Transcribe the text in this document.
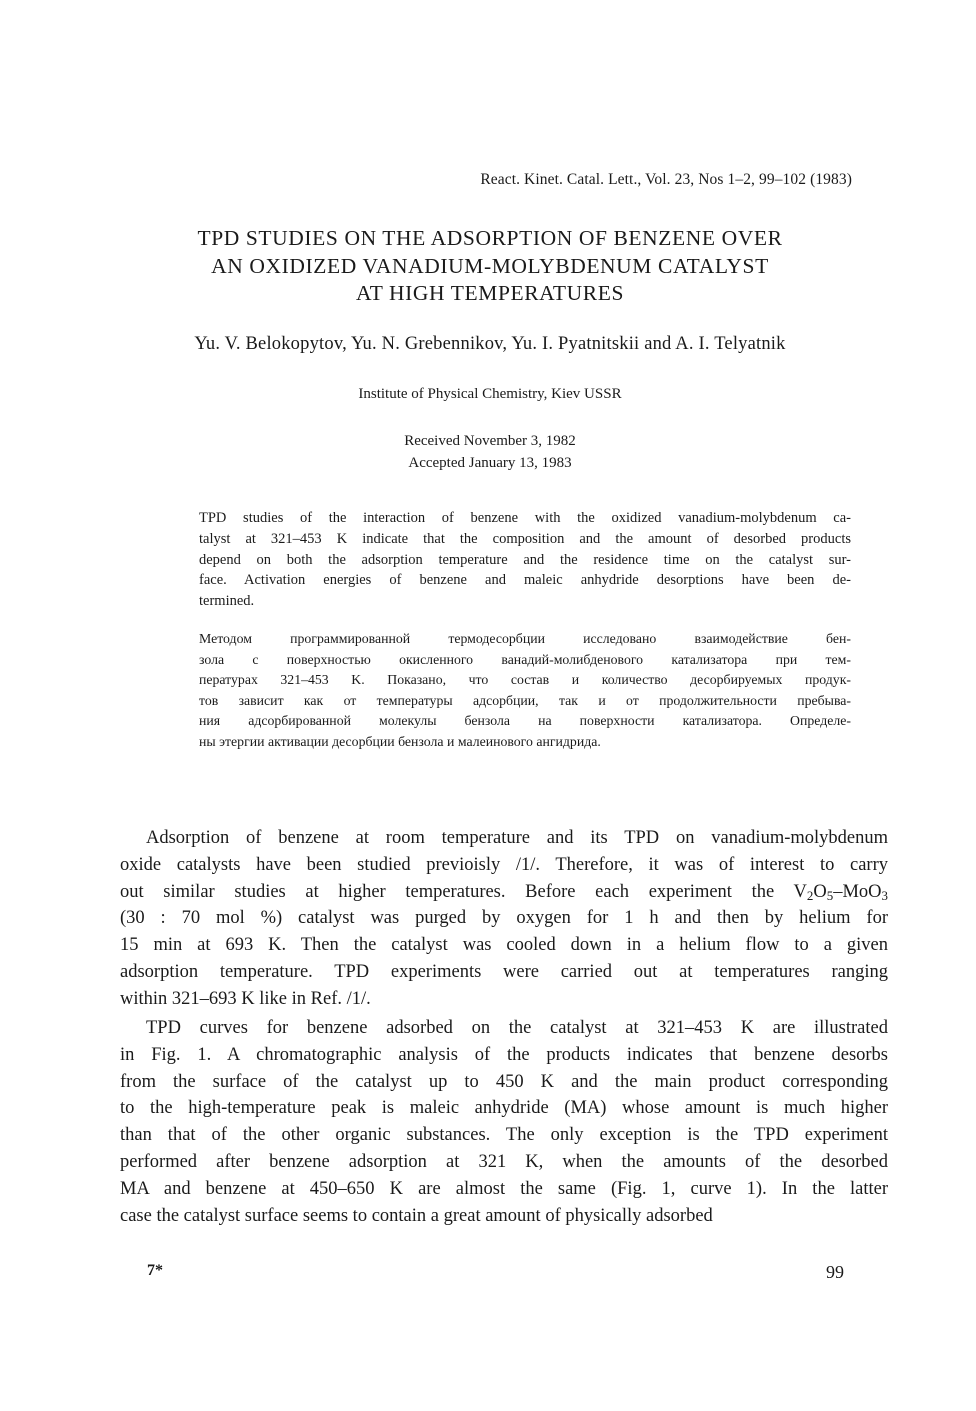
React. Kinet. Catal. Lett., Vol. 23, Nos 1–2, 99–102 (1983)
TPD STUDIES ON THE ADSORPTION OF BENZENE OVER
AN OXIDIZED VANADIUM-MOLYBDENUM CATALYST
AT HIGH TEMPERATURES
Yu. V. Belokopytov, Yu. N. Grebennikov, Yu. I. Pyatnitskii and A. I. Telyatnik
Institute of Physical Chemistry, Kiev USSR
Received November 3, 1982
Accepted January 13, 1983
TPD studies of the interaction of benzene with the oxidized vanadium-molybdenum ca-
talyst at 321–453 K indicate that the composition and the amount of desorbed products
depend on both the adsorption temperature and the residence time on the catalyst sur-
face. Activation energies of benzene and maleic anhydride desorptions have been de-
termined.
Методом программированной термодесорбции исследовано взаимодействие бен-
зола с поверхностью окисленного ванадий-молибденового катализатора при тем-
пературах 321–453 K. Показано, что состав и количество десорбируемых продук-
тов зависит как от температуры адсорбции, так и от продолжительности пребыва-
ния адсорбированной молекулы бензола на поверхности катализатора. Определе-
ны этергии активации десорбции бензола и малеинового ангидрида.
Adsorption of benzene at room temperature and its TPD on vanadium-molybdenum
oxide catalysts have been studied previoisly /1/. Therefore, it was of interest to carry
out similar studies at higher temperatures. Before each experiment the $V_2O_5-MoO_3$
(30 : 70 mol %) catalyst was purged by oxygen for 1 h and then by helium for
15 min at 693 K. Then the catalyst was cooled down in a helium flow to a given
adsorption temperature. TPD experiments were carried out at temperatures ranging
within 321–693 K like in Ref. /1/.
TPD curves for benzene adsorbed on the catalyst at 321–453 K are illustrated
in Fig. 1. A chromatographic analysis of the products indicates that benzene desorbs
from the surface of the catalyst up to 450 K and the main product corresponding
to the high-temperature peak is maleic anhydride (MA) whose amount is much higher
than that of the other organic substances. The only exception is the TPD experiment
performed after benzene adsorption at 321 K, when the amounts of the desorbed
MA and benzene at 450–650 K are almost the same (Fig. 1, curve 1). In the latter
case the catalyst surface seems to contain a great amount of physically adsorbed
7*	99
